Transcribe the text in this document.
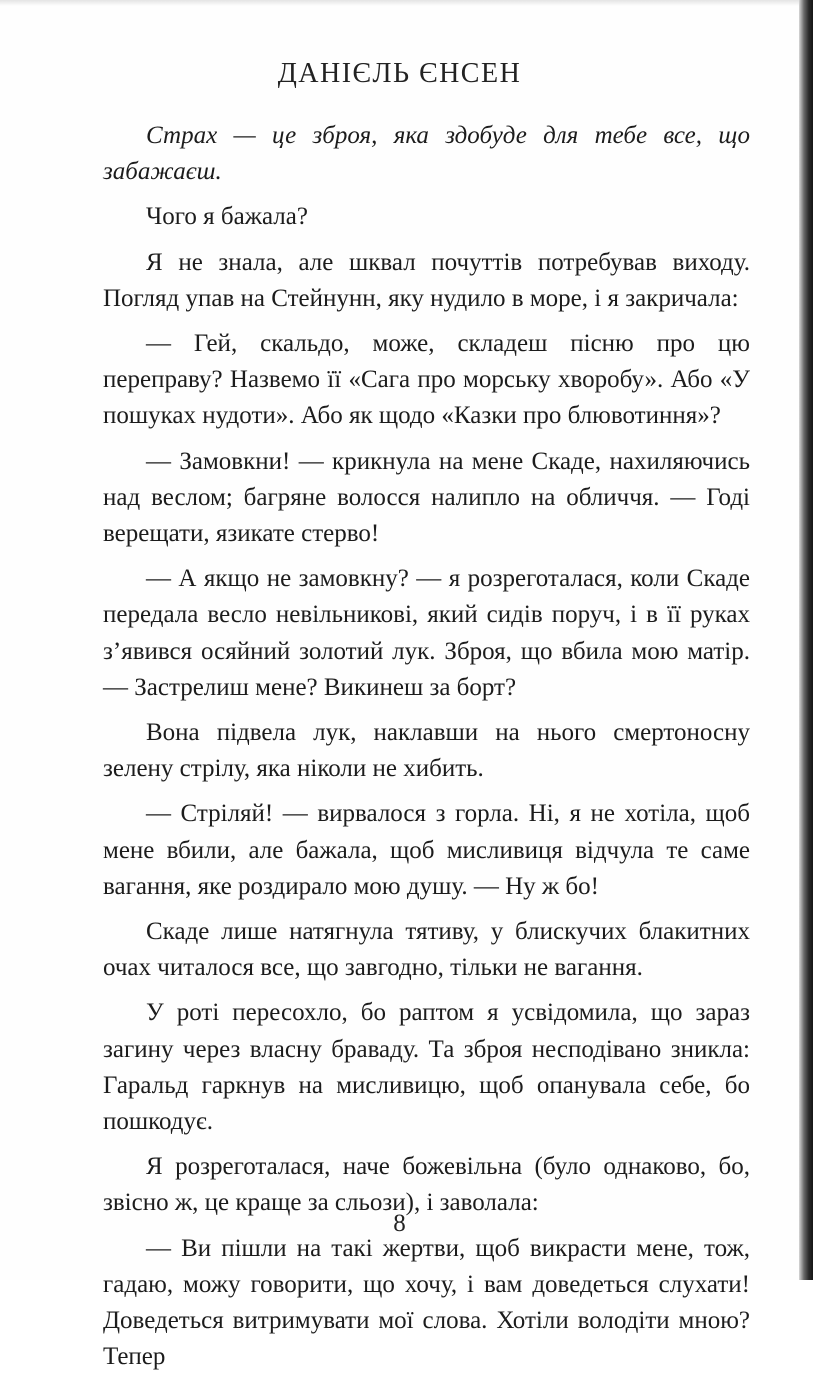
ДАНІЄЛЬ ЄНСЕН

Страх — це зброя, яка здобуде для тебе все, що забажаєш.

Чого я бажала?

Я не знала, але шквал почуттів потребував виходу. Погляд упав на Стейнунн, яку нудило в море, і я закричала:

— Гей, скальдо, може, складеш пісню про цю переправу? Назвемо її «Сага про морську хворобу». Або «У пошуках нудоти». Або як щодо «Казки про блювотиння»?

— Замовкни! — крикнула на мене Скаде, нахиляючись над веслом; багряне волосся налипло на обличчя. — Годі верещати, язикате стерво!

— А якщо не замовкну? — я розреготалася, коли Скаде передала весло невільникові, який сидів поруч, і в її руках з’явився осяйний золотий лук. Зброя, що вбила мою матір. — Застрелиш мене? Викинеш за борт?

Вона підвела лук, наклавши на нього смертоносну зелену стрілу, яка ніколи не хибить.

— Стріляй! — вирвалося з горла. Ні, я не хотіла, щоб мене вбили, але бажала, щоб мисливиця відчула те саме вагання, яке роздирало мою душу. — Ну ж бо!

Скаде лише натягнула тятиву, у блискучих блакитних очах читалося все, що завгодно, тільки не вагання.

У роті пересохло, бо раптом я усвідомила, що зараз загину через власну браваду. Та зброя несподівано зникла: Гаральд гаркнув на мисливицю, щоб опанувала себе, бо пошкодує.

Я розреготалася, наче божевільна (було однаково, бо, звісно ж, це краще за сльози), і заволала:

— Ви пішли на такі жертви, щоб викрасти мене, тож, гадаю, можу говорити, що хочу, і вам доведеться слухати! Доведеться витримувати мої слова. Хотіли володіти мною? Тепер

8
